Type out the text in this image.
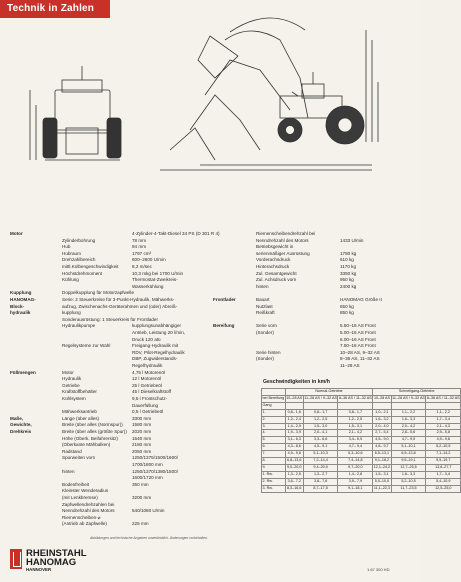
Technik in Zahlen
Motor	4-Zylinder-4-Takt-Diesel 34 PS (D 301 R 4)
Zylinderbohrung	78 mm
Hub	94 mm
Hubraum	1797 cm³
Drehzahlbereich	600–2600 U/min
mittl.Kolbengeschwindigkeit	8,2 m/sec
Höchstdrehmoment	10,3 mkg bei 1700 U/min
Kühlung	Thermostat-Zweikreis-
Wasserkühlung
Kupplung	Doppelkupplung für Motorzapfwelle
HANOMAG-	Serie: 2 Steuerkreise für 3-Punkt-Hydraulik, Mähwerks-
Block-	aufzug, Zwischenachs-Geräterahmen und (oder) Abreiß-
hydraulik	kupplung
Sonderausrüstung: 1 Steuerkreis für Frontlader
Hydraulikpumpe	kupplungsunabhängiger
Antrieb, Leistung 20 l/min,
Druck 120 atü
Regelsysteme zur Wahl	Freigang-Hydraulik mit
RDV, Pilot-Regelhydraulik
DBP, Zugwiderstands-
Regelhydraulik
Füllmengen	Motor	4,75 l Motorenöl
Hydraulik	12 l Motorenöl
Getriebe	25 l Getriebeöl
Kraftstoffbehälter	45 l Dieselkraftstoff
Kühlsystem	9,5 l Frostschutz-
Dauerfüllung
Mähwerksantrieb	0,5 l Getriebeöl
Maße,	Länge (über alles)	3300 mm
Gewichte,	Breite (über alles (Normspur)) 1580 mm
Drehkreis	Breite (über alles (größte Spur)) 2020 mm
Höhe (Oberk. Beifahrersitz)	1540 mm
(Oberkante Mähbalken)	2180 mm
Radstand	2050 mm
Spurweiten vorn	1250/1375/1500/1600/
1700/1800 mm
hinten	1250/1370/1380/1500/
1600/1720 mm
Bodenfreiheit	350 mm
Kleinster Wenderadius
(mit Lenkbremse)	3200 mm
Zapfwellendrehzahlen bei
Nenndrehzahl des Motors	540/1080 U/min
Riemenscheiben-⌀
(Antrieb ab Zapfwelle)	225 mm
Riemenscheibendrehzahl bei
Nenndrehzahl des Motors	1433 U/min
Betriebsgewicht in
serienmäßiger Ausrüstung	1780 kg
Vorderachsdruck	610 kg
Hinterachsdruck	1170 kg
Zul. Gesamtgewicht	3350 kg
Zul. Achsdruck vorn	950 kg
hinten	2400 kg
Frontlader	Bauart	HANOMAG Größe II
Nutzlast	650 kg
Reißkraft	850 kg
Bereifung	Serie vorn	5.50–16 AS Front
(Sonder)	5.00–16 AS Front
6.00–16 AS Front
7.50–16 AS Front
Serie hinten	10–28 AS, 9–32 AS
(Sonder)	8–36 AS, 11–32 AS
11–28 AS
Geschwindigkeiten in km/h
	Normal-Getriebe			Schnellgang-Getriebe		
bei Bereifung	10–28 AS	11–28 AS / 9–32 AS	8–36 AS / 11–32 AS	10–28 AS	11–28 AS / 9–32 AS	8–36 AS / 11–32 AS
Gang						
1.	0,8– 1,6	0,8– 1,7	0,8– 1,7	1,0– 2,1	1,1– 2,2	1,1– 2,2
2.	1,2– 2,4	1,2– 2,5	1,2– 2,5	1,6– 3,2	1,6– 3,3	1,7– 3,4
3.	1,4– 2,9	1,5– 3,0	1,5– 3,1	2,0– 4,0	2,0– 4,2	2,1– 4,3
4.	1,9– 3,9	2,0– 4,1	2,1– 4,2	2,7– 5,4	2,8– 5,6	2,9– 5,8
5.	3,1– 6,3	3,3– 6,6	3,4– 6,9	4,5– 9,0	4,7– 9,5	4,9– 9,8
6.	4,3– 8,6	4,5– 9,1	4,7– 9,4	4,8– 9,7	5,1–10,1	5,2–10,5
7.	4,9– 9,8	5,1–10,3	5,3–10,6	6,5–13,1	6,9–13,8	7,1–14,2
8.	6,8–13,6	7,2–14,4	7,4–14,8	9,1–18,2	9,5–19,1	9,9–19,7
9.	9,0–20,0	9,4–20,0	9,7–20,0	12,1–24,2	12,7–25,5	13,8–27,7
1. Rw.	1,3– 2,5	1,3– 2,7	1,4– 2,8	1,5– 3,1	1,6– 3,3	1,7– 3,4
2. Rw.	3,6– 7,2	3,8– 7,6	3,9– 7,9	5,0–10,0	5,2–10,5	5,4–10,9
3. Rw.	8,3–16,6	8,7–17,5	9,1–18,1	11,1–22,3	11,7–23,5	12,5–25,0
Abbildungen und technische Angaben unverbindlich. Änderungen vorbehalten.
RHEINSTAHL
HANOMAG
HANNOVER	1.67 300 HD
